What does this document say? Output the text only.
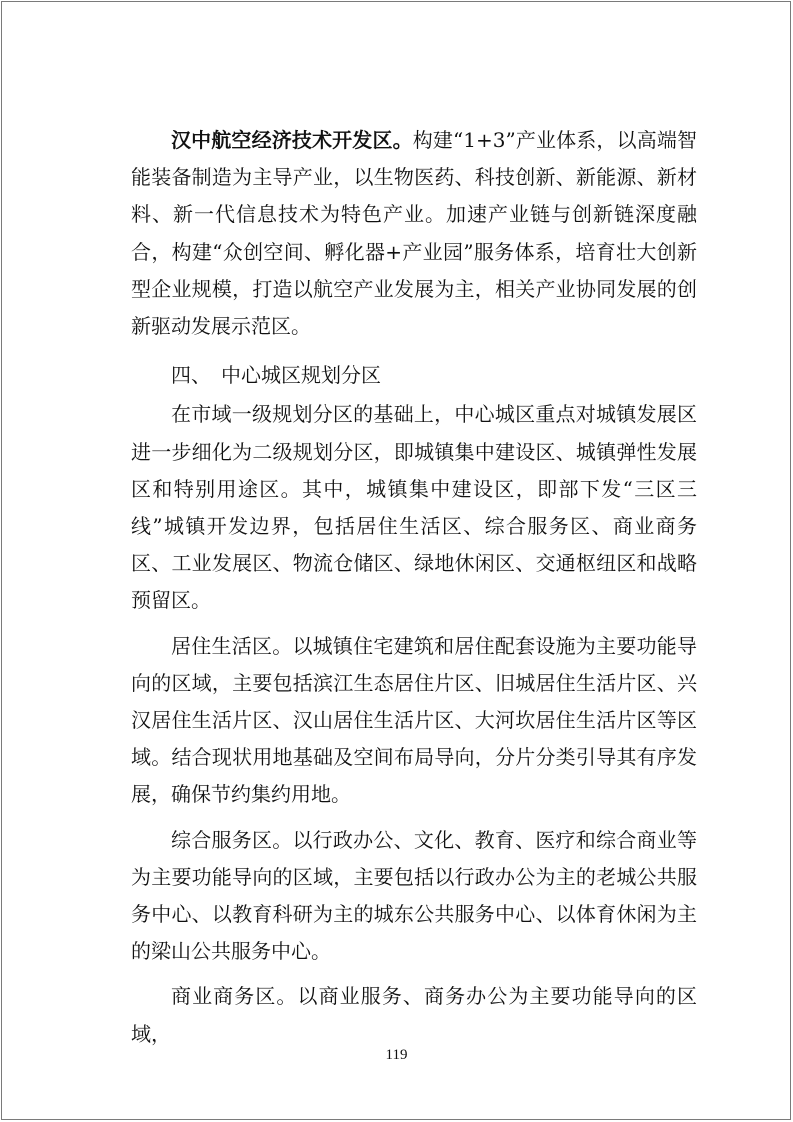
汉中航空经济技术开发区。构建“1+3”产业体系，以高端智能装备制造为主导产业，以生物医药、科技创新、新能源、新材料、新一代信息技术为特色产业。加速产业链与创新链深度融合，构建“众创空间、孵化器+产业园”服务体系，培育壮大创新型企业规模，打造以航空产业发展为主，相关产业协同发展的创新驱动发展示范区。

四、 中心城区规划分区

在市域一级规划分区的基础上，中心城区重点对城镇发展区进一步细化为二级规划分区，即城镇集中建设区、城镇弹性发展区和特别用途区。其中，城镇集中建设区，即部下发“三区三线”城镇开发边界，包括居住生活区、综合服务区、商业商务区、工业发展区、物流仓储区、绿地休闲区、交通枢纽区和战略预留区。

居住生活区。以城镇住宅建筑和居住配套设施为主要功能导向的区域，主要包括滨江生态居住片区、旧城居住生活片区、兴汉居住生活片区、汉山居住生活片区、大河坎居住生活片区等区域。结合现状用地基础及空间布局导向，分片分类引导其有序发展，确保节约集约用地。

综合服务区。以行政办公、文化、教育、医疗和综合商业等为主要功能导向的区域，主要包括以行政办公为主的老城公共服务中心、以教育科研为主的城东公共服务中心、以体育休闲为主的梁山公共服务中心。

商业商务区。以商业服务、商务办公为主要功能导向的区域，

119
